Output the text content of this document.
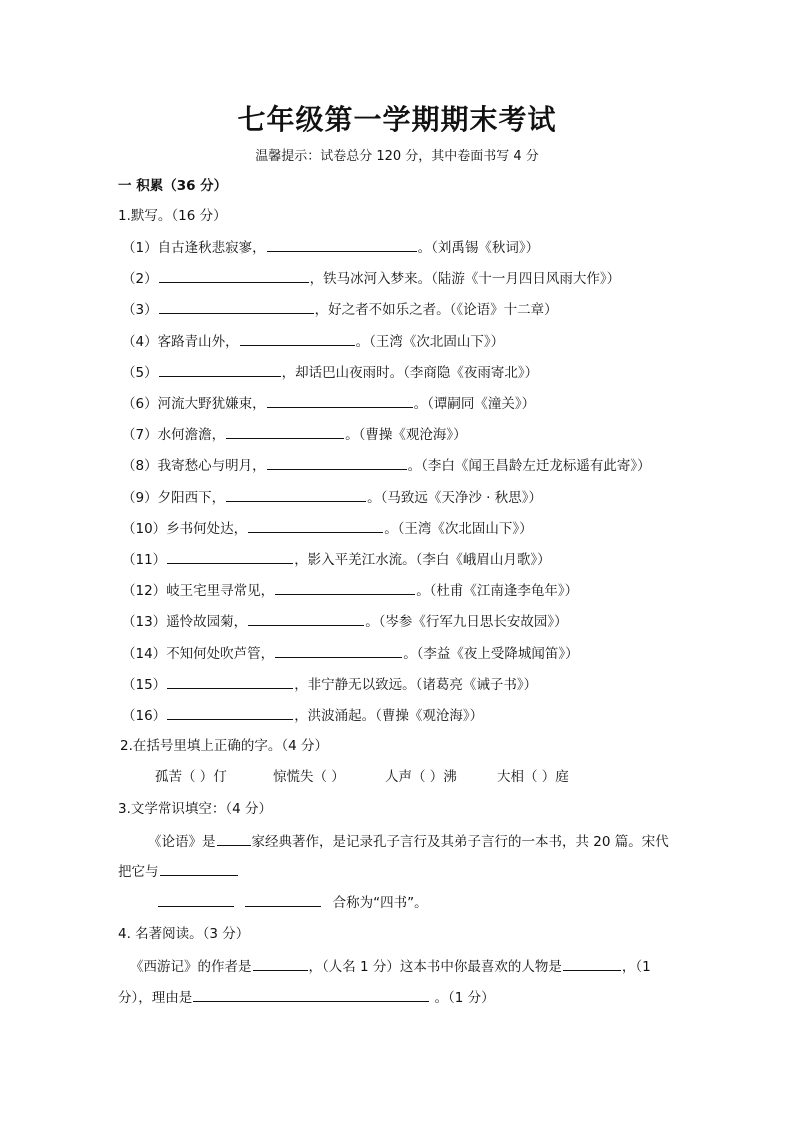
七年级第一学期期末考试
温馨提示：试卷总分 120 分，其中卷面书写 4 分
一 积累（36 分）
1.默写。（16 分）
（1）自古逢秋悲寂寥，	。（刘禹锡《秋词》）
（2）	，铁马冰河入梦来。（陆游《十一月四日风雨大作》）
（3）	，好之者不如乐之者。（《论语》十二章）
（4）客路青山外，	。（王湾《次北固山下》）
（5）	，却话巴山夜雨时。（李商隐《夜雨寄北》）
（6）河流大野犹嫌束，	。（谭嗣同《潼关》）
（7）水何澹澹，	。（曹操《观沧海》）
（8）我寄愁心与明月，	。（李白《闻王昌龄左迁龙标遥有此寄》）
（9）夕阳西下，	。（马致远《天净沙 · 秋思》）
（10）乡书何处达，	。（王湾《次北固山下》）
（11）	，影入平羌江水流。（李白《峨眉山月歌》）
（12）岐王宅里寻常见，	。（杜甫《江南逢李龟年》）
（13）遥怜故园菊，	。（岑参《行军九日思长安故园》）
（14）不知何处吹芦管，	。（李益《夜上受降城闻笛》）
（15）	，非宁静无以致远。（诸葛亮《诫子书》）
（16）	，洪波涌起。（曹操《观沧海》）
2.在括号里填上正确的字。（4 分）
孤苦（ ）仃	惊慌失（ ）	人声（ ）沸	大相（ ）庭
3.文学常识填空：（4 分）
《论语》是	家经典著作，是记录孔子言行及其弟子言行的一本书，共 20 篇。宋代
把它与
合称为“四书”。
4. 名著阅读。（3 分）
《西游记》的作者是	，（人名 1 分）这本书中你最喜欢的人物是	，（1
分），理由是	。（1 分）
